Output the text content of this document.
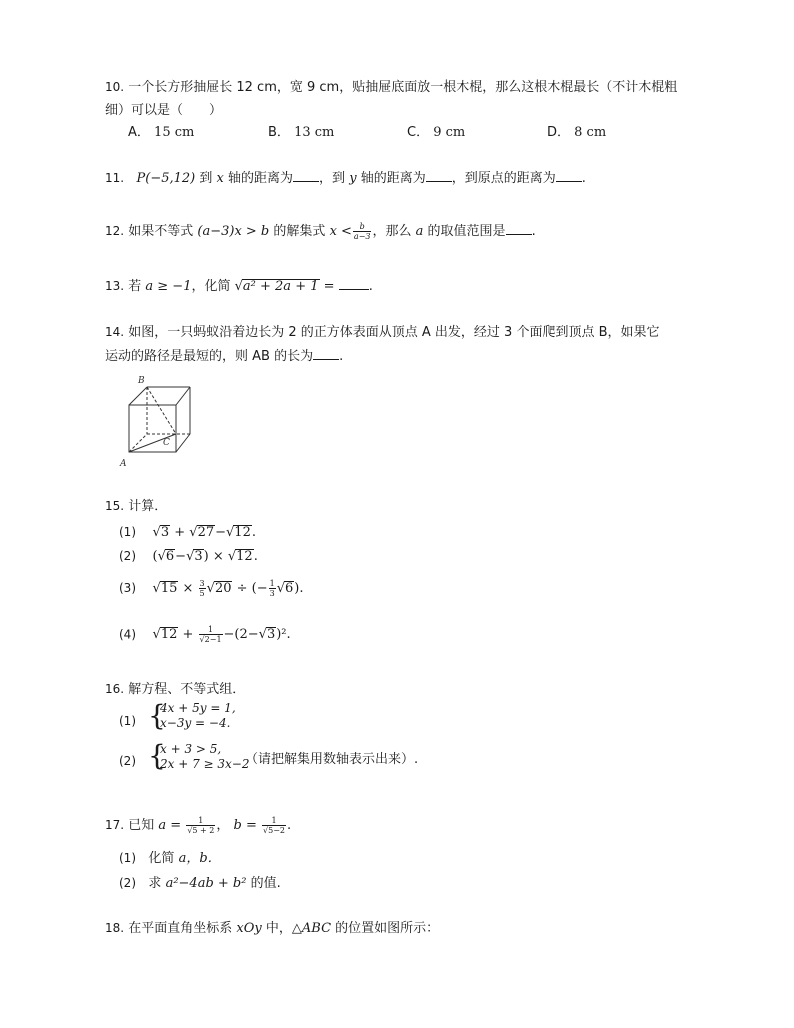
10. 一个长方形抽屉长 12 cm，宽 9 cm，贴抽屉底面放一根木棍，那么这根木棍最长（不计木棍粗
细）可以是（　　）
A． 15 cm	B． 13 cm	C． 9 cm	D． 8 cm
11. P(−5,12) 到 x 轴的距离为 ，到 y 轴的距离为 ，到原点的距离为 .
12. 如果不等式 (a−3)x > b 的解集式 $x < \frac{b}{a-3}$ ，那么 a 的取值范围是 .
13. 若 a ≥ −1，化简 √a² + 2a + 1 =	.
14. 如图，一只蚂蚁沿着边长为 2 的正方体表面从顶点 A 出发，经过 3 个面爬到顶点 B，如果它
运动的路径是最短的，则 AB 的长为 .
B
A
C
15. 计算．
(1) √3 + √27−√12.
(2) (√6−√3) × √12.
(3) $√15 \times \frac{3}{5} √20$ ÷ (− $\frac{1}{3} √6$).
(4) $√12 + \frac{1}{√2-1} -(2-√3)^2$.
16. 解方程、不等式组．
(1) {
4x + 5y = 1,
x−3y = −4.
(2) {
x + 3 > 5,
2x + 7 ≥ 3x−2
（请把解集用数轴表示出来）.
17. 已知 $a = \frac{1}{√5 + 2}$ ， $b = \frac{1}{√5-2}$ .
(1) 化简 a，b．
(2) 求 a²−4ab + b² 的值.
18. 在平面直角坐标系 xOy 中，△ABC 的位置如图所示：
